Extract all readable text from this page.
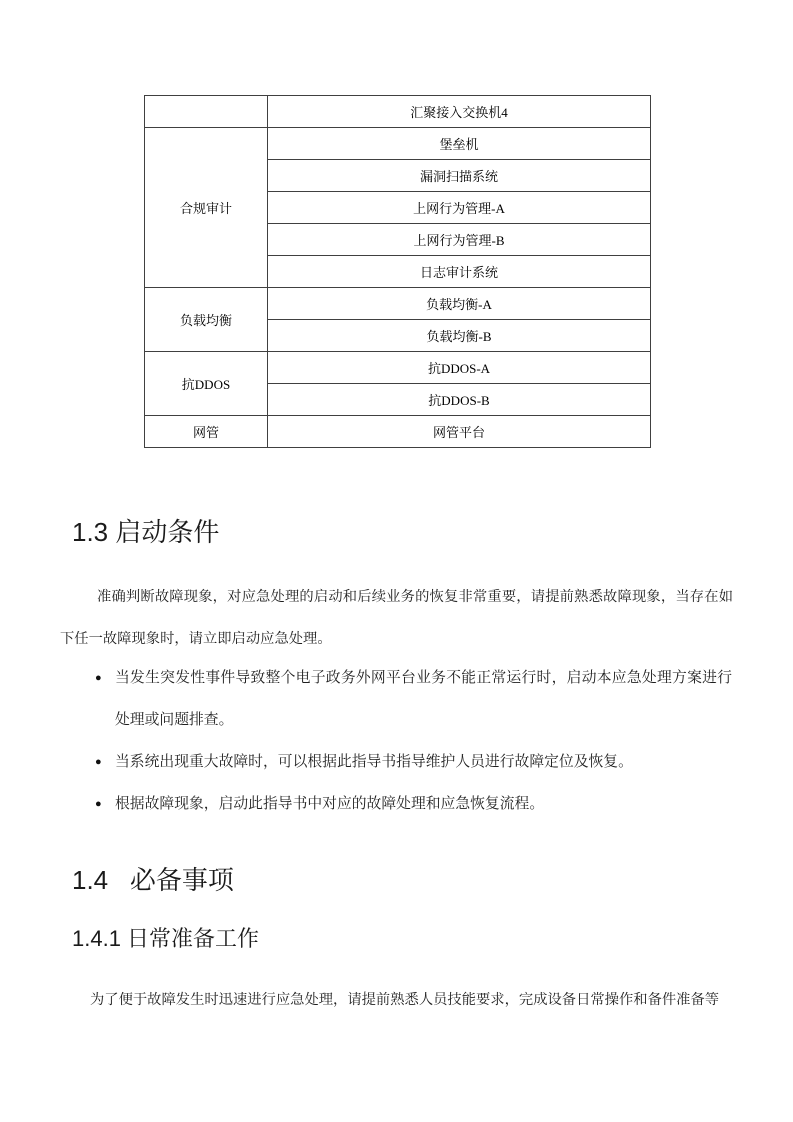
	汇聚接入交换机4
合规审计	堡垒机
	漏洞扫描系统
	上网行为管理-A
	上网行为管理-B
	日志审计系统
负载均衡	负载均衡-A
	负载均衡-B
抗DDOS	抗DDOS-A
	抗DDOS-B
网管	网管平台
1.3 启动条件

准确判断故障现象，对应急处理的启动和后续业务的恢复非常重要，请提前熟悉故障现象，当存在如下任一故障现象时，请立即启动应急处理。

● 当发生突发性事件导致整个电子政务外网平台业务不能正常运行时，启动本应急处理方案进行处理或问题排查。
● 当系统出现重大故障时，可以根据此指导书指导维护人员进行故障定位及恢复。
● 根据故障现象，启动此指导书中对应的故障处理和应急恢复流程。
1.4   必备事项
1.4.1 日常准备工作

为了便于故障发生时迅速进行应急处理，请提前熟悉人员技能要求，完成设备日常操作和备件准备等
